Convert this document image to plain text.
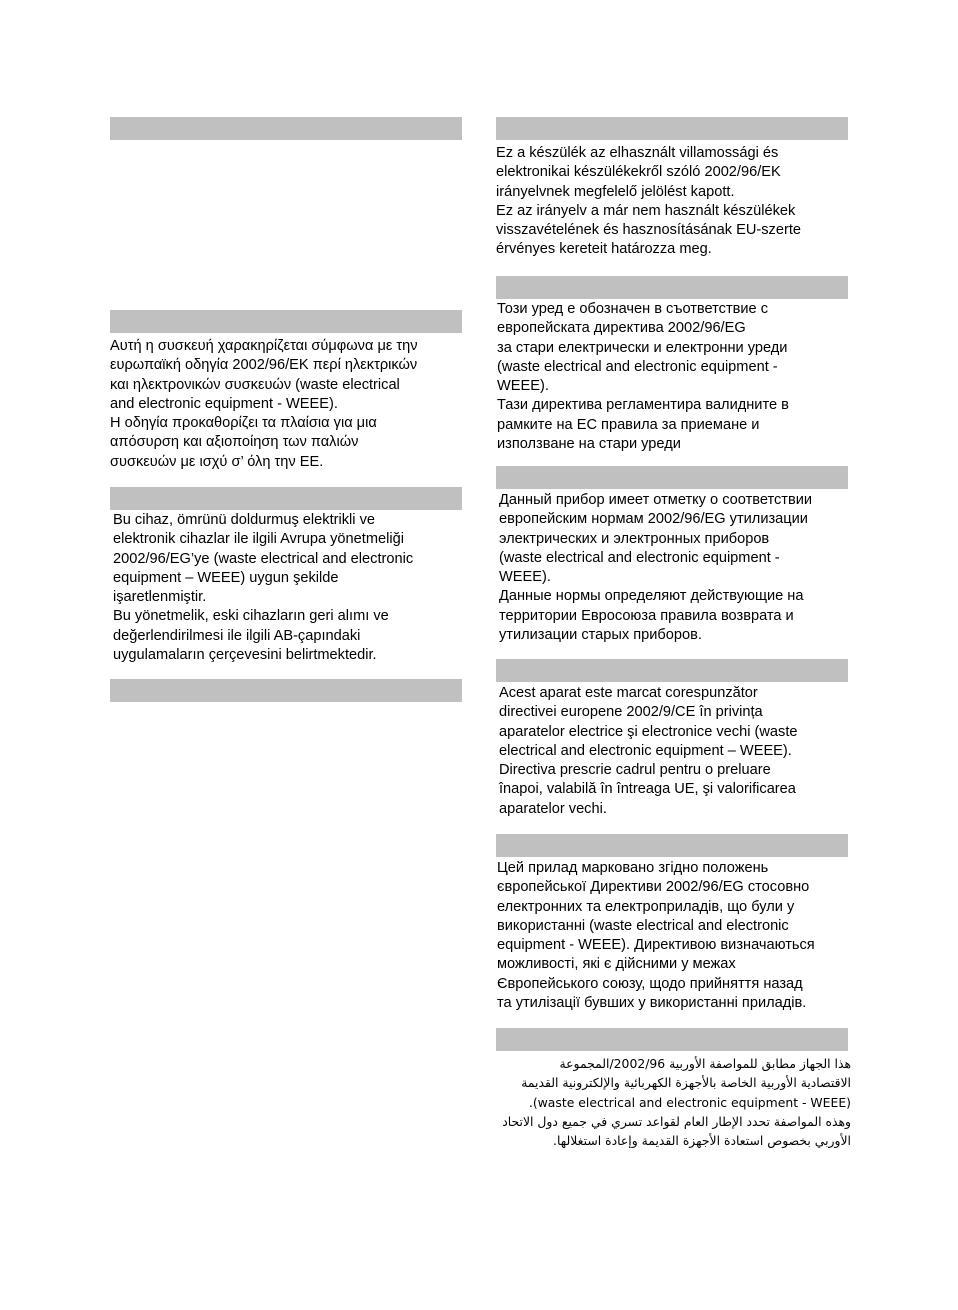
Αυτή η συσκευή χαρακηρίζεται σύμφωνα με την
ευρωπαϊκή οδηγία 2002/96/ΕΚ περί ηλεκτρικών
και ηλεκτρονικών συσκευών (waste electrical
and electronic equipment - WEEE).
Η οδηγία προκαθορίζει τα πλαίσια για μια
απόσυρση και αξιοποίηση των παλιών
συσκευών με ισχύ σ’ όλη την ΕΕ.

Bu cihaz, ömrünü doldurmuş elektrikli ve
elektronik cihazlar ile ilgili Avrupa yönetmeliği
2002/96/EG’ye (waste electrical and electronic
equipment – WEEE) uygun şekilde
işaretlenmiştir.
Bu yönetmelik, eski cihazların geri alımı ve
değerlendirilmesi ile ilgili AB-çapındaki
uygulamaların çerçevesini belirtmektedir.

Ez a készülék az elhasznált villamossági és
elektronikai készülékekről szóló 2002/96/EK
irányelvnek megfelelő jelölést kapott.
Ez az irányelv a már nem használt készülékek
visszavételének és hasznosításának EU-szerte
érvényes kereteit határozza meg.

Този уред е обозначен в съответствие с
европейската директива 2002/96/EG
за стари електрически и електронни уреди
(waste electrical and electronic equipment -
WEEE).
Тази директива регламентира валидните в
рамките на ЕС правила за приемане и
използване на стари уреди

Данный прибор имеет отметку о соответствии
европейским нормам 2002/96/EG утилизации
электрических и электронных приборов
(waste electrical and electronic equipment -
WEEE).
Данные нормы определяют действующие на
территории Евросоюза правила возврата и
утилизации старых приборов.

Acest aparat este marcat corespunzător
directivei europene 2002/9/CE în privința
aparatelor electrice şi electronice vechi (waste
electrical and electronic equipment – WEEE).
Directiva prescrie cadrul pentru o preluare
înapoi, valabilă în întreaga UE, şi valorificarea
aparatelor vechi.

Цей прилад марковано згідно положень
європейської Директиви 2002/96/EG стосовно
електронних та електроприладів, що були у
використанні (waste electrical and electronic
equipment - WEEE). Директивою визначаються
можливості, які є дійсними у межах
Європейського союзу, щодо прийняття назад
та утилізації бувших у використанні приладів.

هذا الجهاز مطابق للمواصفة الأوربية 2002/96/المجموعة
الاقتصادية الأوربية الخاصة بالأجهزة الكهربائية والإلكترونية القديمة
(waste electrical and electronic equipment - WEEE).
وهذه المواصفة تحدد الإطار العام لقواعد تسري في جميع دول الاتحاد
الأوربي بخصوص استعادة الأجهزة القديمة وإعادة استغلالها.
